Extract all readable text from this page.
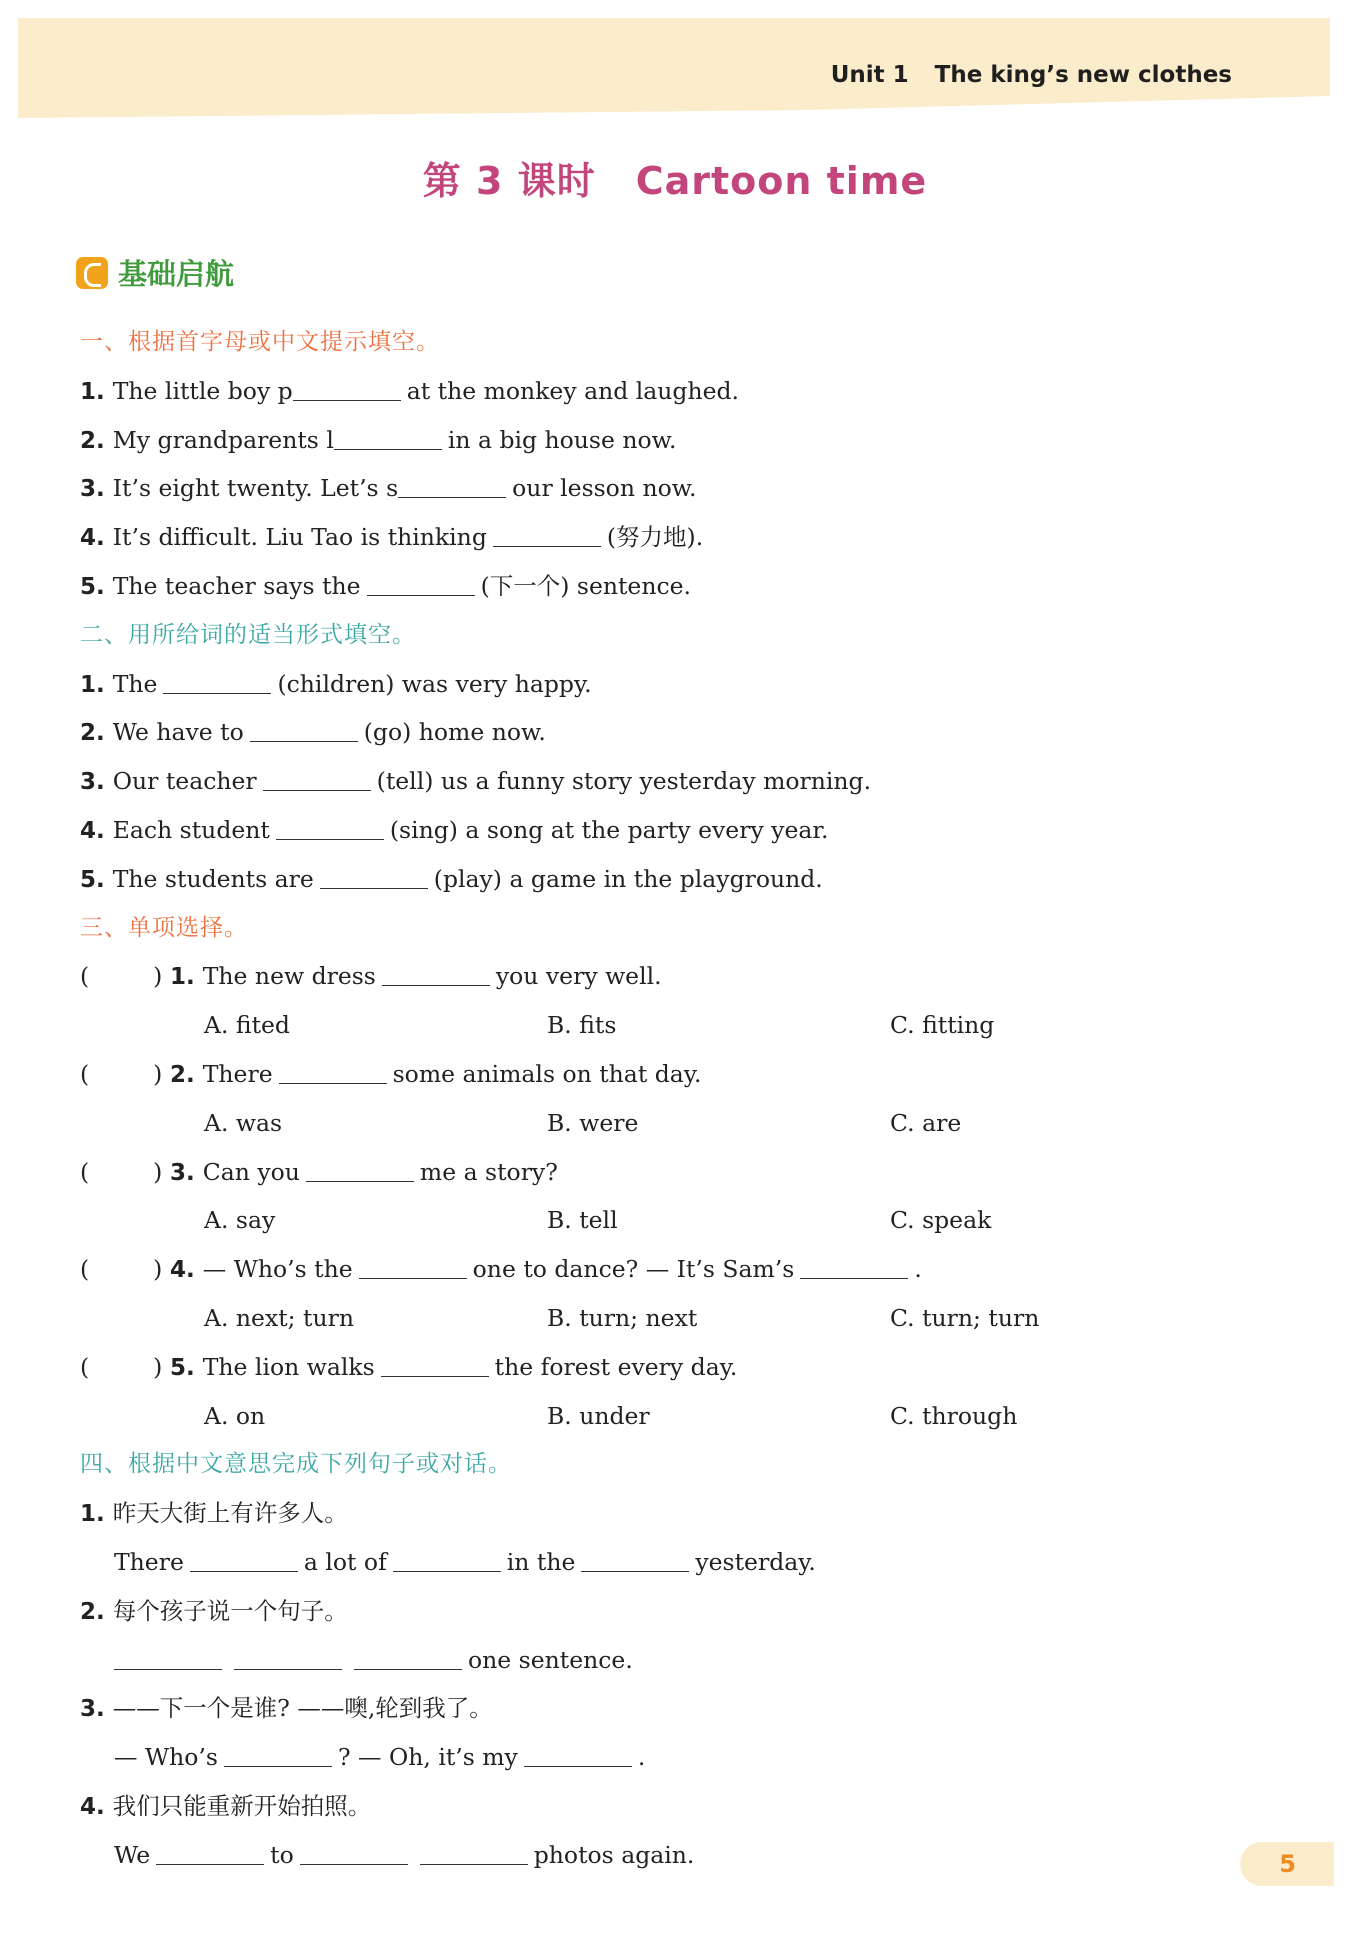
Unit 1 The king’s new clothes
第 3 课时 Cartoon time
基础启航
一、根据首字母或中文提示填空。
1. The little boy p	at the monkey and laughed.
2. My grandparents l	in a big house now.
3. It’s eight twenty. Let’s s	our lesson now.
4. It’s difficult. Liu Tao is thinking	(努力地).
5. The teacher says the	(下一个) sentence.
二、用所给词的适当形式填空。
1. The	(children) was very happy.
2. We have to	(go) home now.
3. Our teacher	(tell) us a funny story yesterday morning.
4. Each student	(sing) a song at the party every year.
5. The students are	(play) a game in the playground.
三、单项选择。
(	) 1. The new dress	you very well.
A. fited	B. fits	C. fitting
(	) 2. There	some animals on that day.
A. was	B. were	C. are
(	) 3. Can you	me a story?
A. say	B. tell	C. speak
(	) 4. — Who’s the	one to dance? — It’s Sam’s	.
A. next; turn	B. turn; next	C. turn; turn
(	) 5. The lion walks	the forest every day.
A. on	B. under	C. through
四、根据中文意思完成下列句子或对话。
1. 昨天大街上有许多人。
There	a lot of	in the	yesterday.
2. 每个孩子说一个句子。
one sentence.
3. ——下一个是谁? ——噢,轮到我了。
— Who’s	? — Oh, it’s my	.
4. 我们只能重新开始拍照。
We	to	photos again.	5
